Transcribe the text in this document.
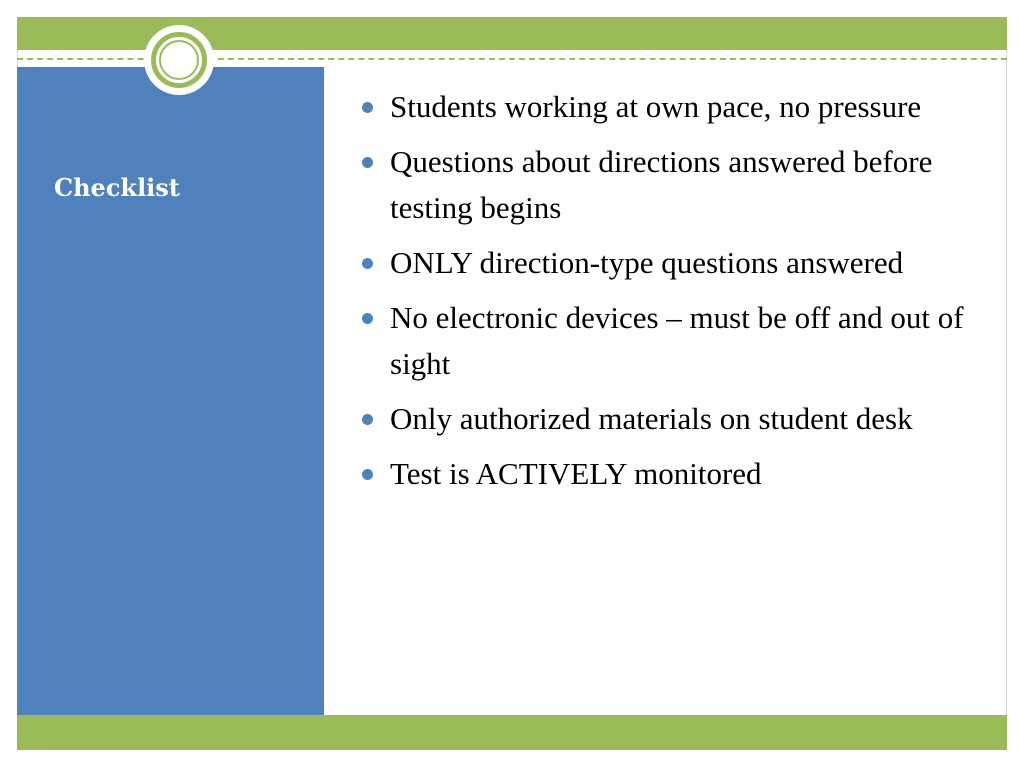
Checklist
Students working at own pace, no pressure
Questions about directions answered before testing begins
ONLY direction-type questions answered
No electronic devices – must be off and out of sight
Only authorized materials on student desk
Test is ACTIVELY monitored
